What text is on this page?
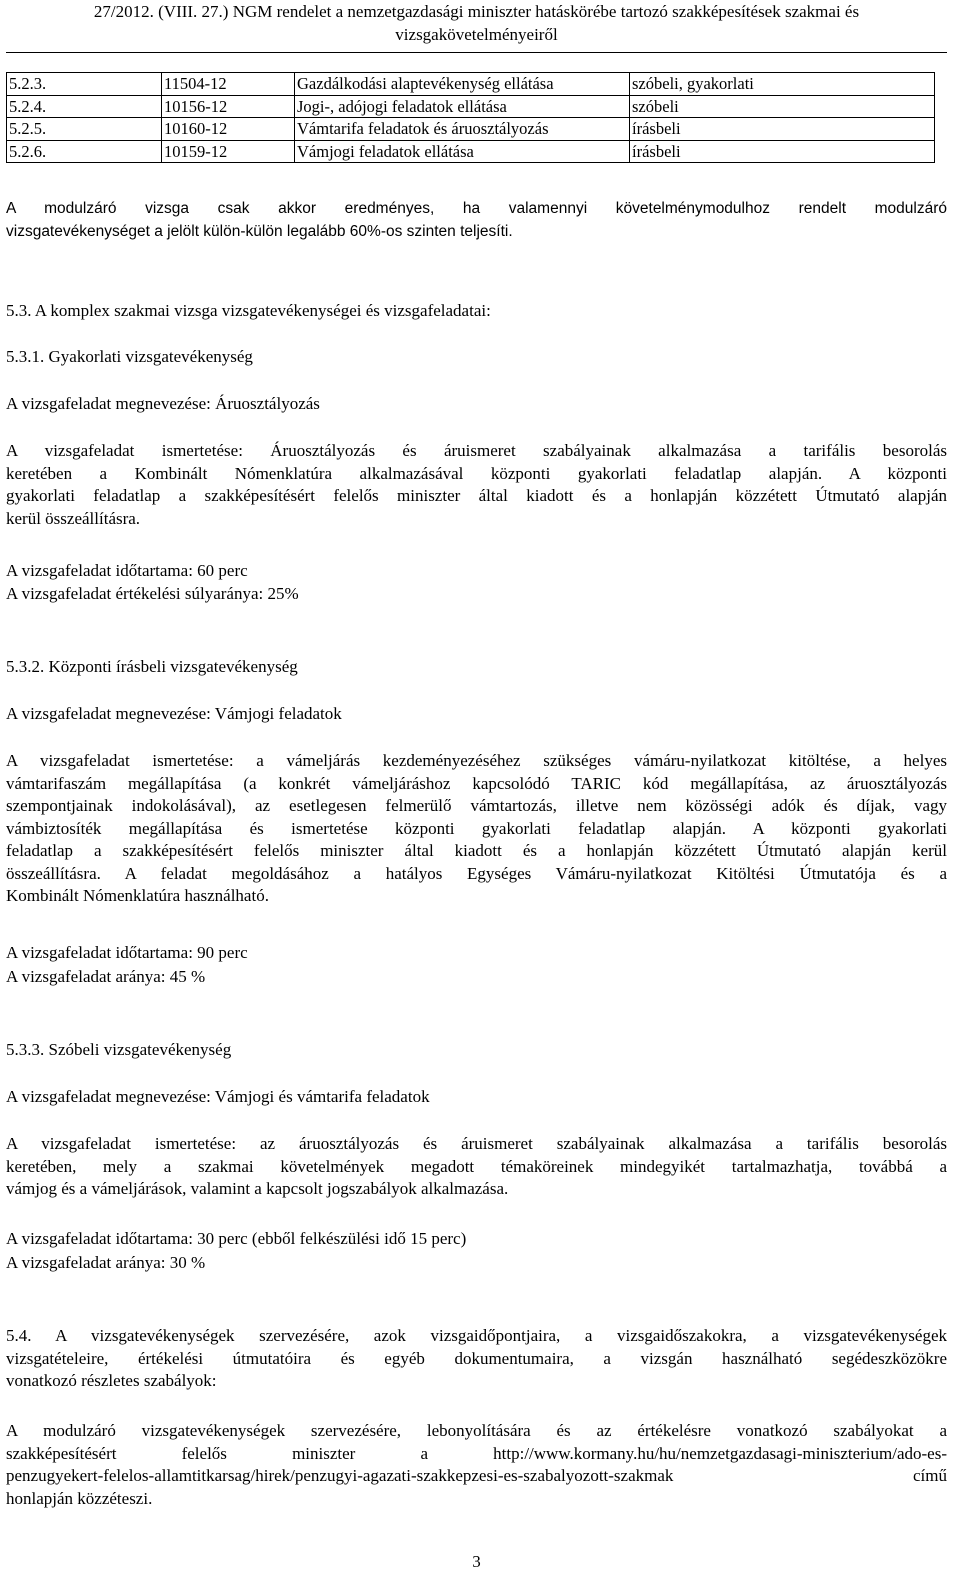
27/2012. (VIII. 27.) NGM rendelet a nemzetgazdasági miniszter hatáskörébe tartozó szakképesítések szakmai és
vizsgakövetelményeiről
5.2.3.	11504-12	Gazdálkodási alaptevékenység ellátása	szóbeli, gyakorlati
5.2.4.	10156-12	Jogi-, adójogi feladatok ellátása	szóbeli
5.2.5.	10160-12	Vámtarifa feladatok és áruosztályozás	írásbeli
5.2.6.	10159-12	Vámjogi feladatok ellátása	írásbeli
A modulzáró vizsga csak akkor eredményes, ha valamennyi követelménymodulhoz rendelt modulzáró
vizsgatevékenységet a jelölt külön-külön legalább 60%-os szinten teljesíti.
5.3. A komplex szakmai vizsga vizsgatevékenységei és vizsgafeladatai:
5.3.1. Gyakorlati vizsgatevékenység
A vizsgafeladat megnevezése: Áruosztályozás
A vizsgafeladat ismertetése: Áruosztályozás és áruismeret szabályainak alkalmazása a tarifális besorolás
keretében a Kombinált Nómenklatúra alkalmazásával központi gyakorlati feladatlap alapján. A központi
gyakorlati feladatlap a szakképesítésért felelős miniszter által kiadott és a honlapján közzétett Útmutató alapján
kerül összeállításra.
A vizsgafeladat időtartama: 60 perc
A vizsgafeladat értékelési súlyaránya: 25%
5.3.2. Központi írásbeli vizsgatevékenység
A vizsgafeladat megnevezése: Vámjogi feladatok
A vizsgafeladat ismertetése: a vámeljárás kezdeményezéséhez szükséges vámáru-nyilatkozat kitöltése, a helyes
vámtarifaszám megállapítása (a konkrét vámeljáráshoz kapcsolódó TARIC kód megállapítása, az áruosztályozás
szempontjainak indokolásával), az esetlegesen felmerülő vámtartozás, illetve nem közösségi adók és díjak, vagy
vámbiztosíték megállapítása és ismertetése központi gyakorlati feladatlap alapján. A központi gyakorlati
feladatlap a szakképesítésért felelős miniszter által kiadott és a honlapján közzétett Útmutató alapján kerül
összeállításra. A feladat megoldásához a hatályos Egységes Vámáru-nyilatkozat Kitöltési Útmutatója és a
Kombinált Nómenklatúra használható.
A vizsgafeladat időtartama: 90 perc
A vizsgafeladat aránya: 45 %
5.3.3. Szóbeli vizsgatevékenység
A vizsgafeladat megnevezése: Vámjogi és vámtarifa feladatok
A vizsgafeladat ismertetése: az áruosztályozás és áruismeret szabályainak alkalmazása a tarifális besorolás
keretében, mely a szakmai követelmények megadott témaköreinek mindegyikét tartalmazhatja, továbbá a
vámjog és a vámeljárások, valamint a kapcsolt jogszabályok alkalmazása.
A vizsgafeladat időtartama: 30 perc (ebből felkészülési idő 15 perc)
A vizsgafeladat aránya: 30 %
5.4. A vizsgatevékenységek szervezésére, azok vizsgaidőpontjaira, a vizsgaidőszakokra, a vizsgatevékenységek
vizsgatételeire, értékelési útmutatóira és egyéb dokumentumaira, a vizsgán használható segédeszközökre
vonatkozó részletes szabályok:
A modulzáró vizsgatevékenységek szervezésére, lebonyolítására és az értékelésre vonatkozó szabályokat a
szakképesítésért	felelős	miniszter	a	http://www.kormany.hu/hu/nemzetgazdasagi-miniszterium/ado-es-
penzugyekert-felelos-allamtitkarsag/hirek/penzugyi-agazati-szakkepzesi-es-szabalyozott-szakmak	című
honlapján közzéteszi.
3
